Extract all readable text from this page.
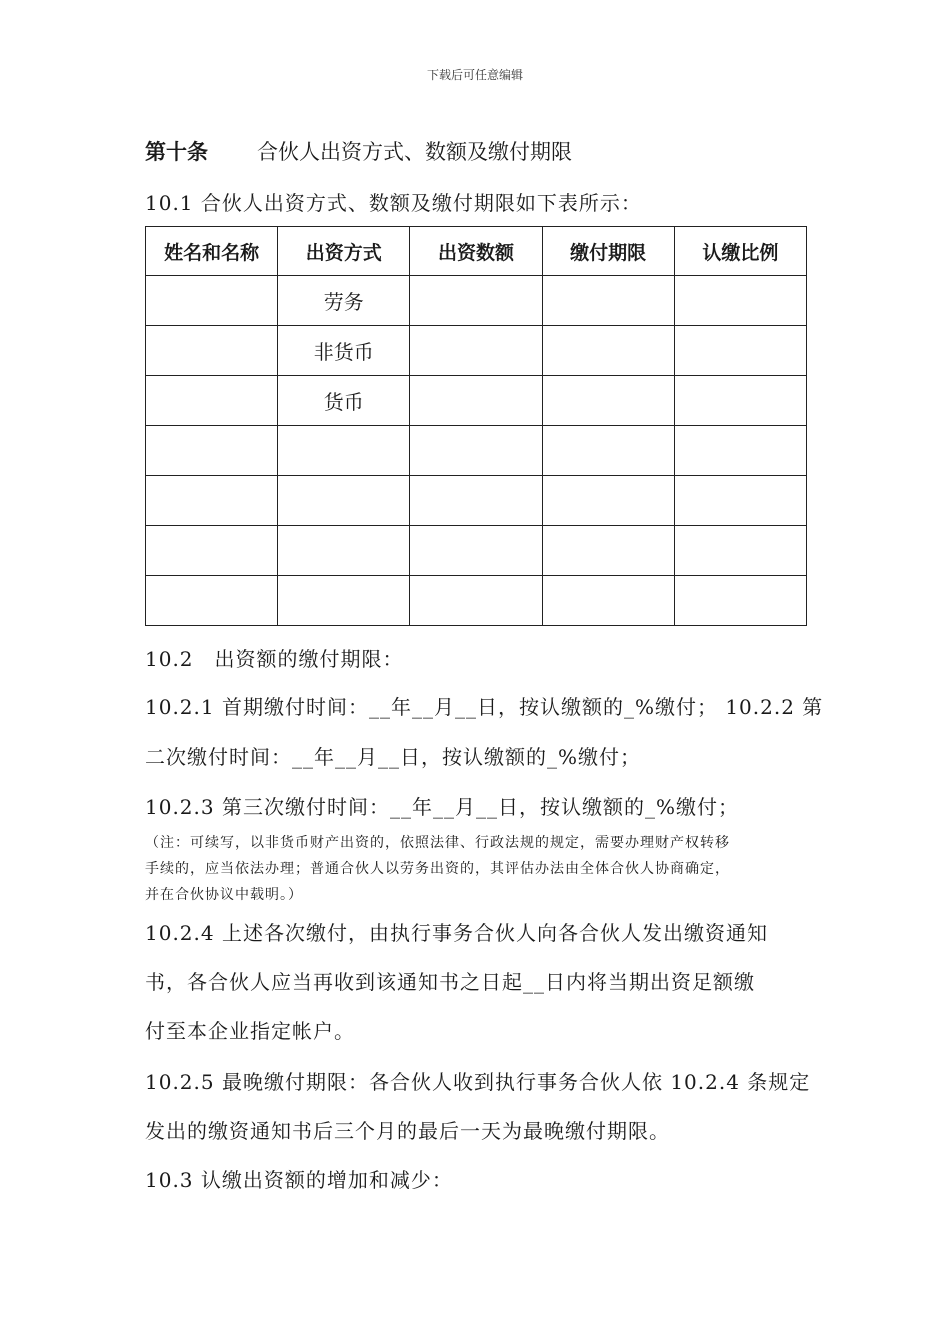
下载后可任意编辑
第十条 合伙人出资方式、数额及缴付期限
10.1 合伙人出资方式、数额及缴付期限如下表所示：
姓名和名称	出资方式	出资数额	缴付期限	认缴比例
	劳务			
	非货币			
	货币			

10.2　出资额的缴付期限：
10.2.1 首期缴付时间：__年__月__日，按认缴额的_%缴付； 10.2.2 第
二次缴付时间：__年__月__日，按认缴额的_%缴付；
10.2.3 第三次缴付时间：__年__月__日，按认缴额的_%缴付；
（注：可续写，以非货币财产出资的，依照法律、行政法规的规定，需要办理财产权转移
手续的，应当依法办理；普通合伙人以劳务出资的，其评估办法由全体合伙人协商确定，
并在合伙协议中载明。）
10.2.4 上述各次缴付，由执行事务合伙人向各合伙人发出缴资通知
书，各合伙人应当再收到该通知书之日起__日内将当期出资足额缴
付至本企业指定帐户。
10.2.5 最晚缴付期限：各合伙人收到执行事务合伙人依 10.2.4 条规定
发出的缴资通知书后三个月的最后一天为最晚缴付期限。
10.3 认缴出资额的增加和减少：
